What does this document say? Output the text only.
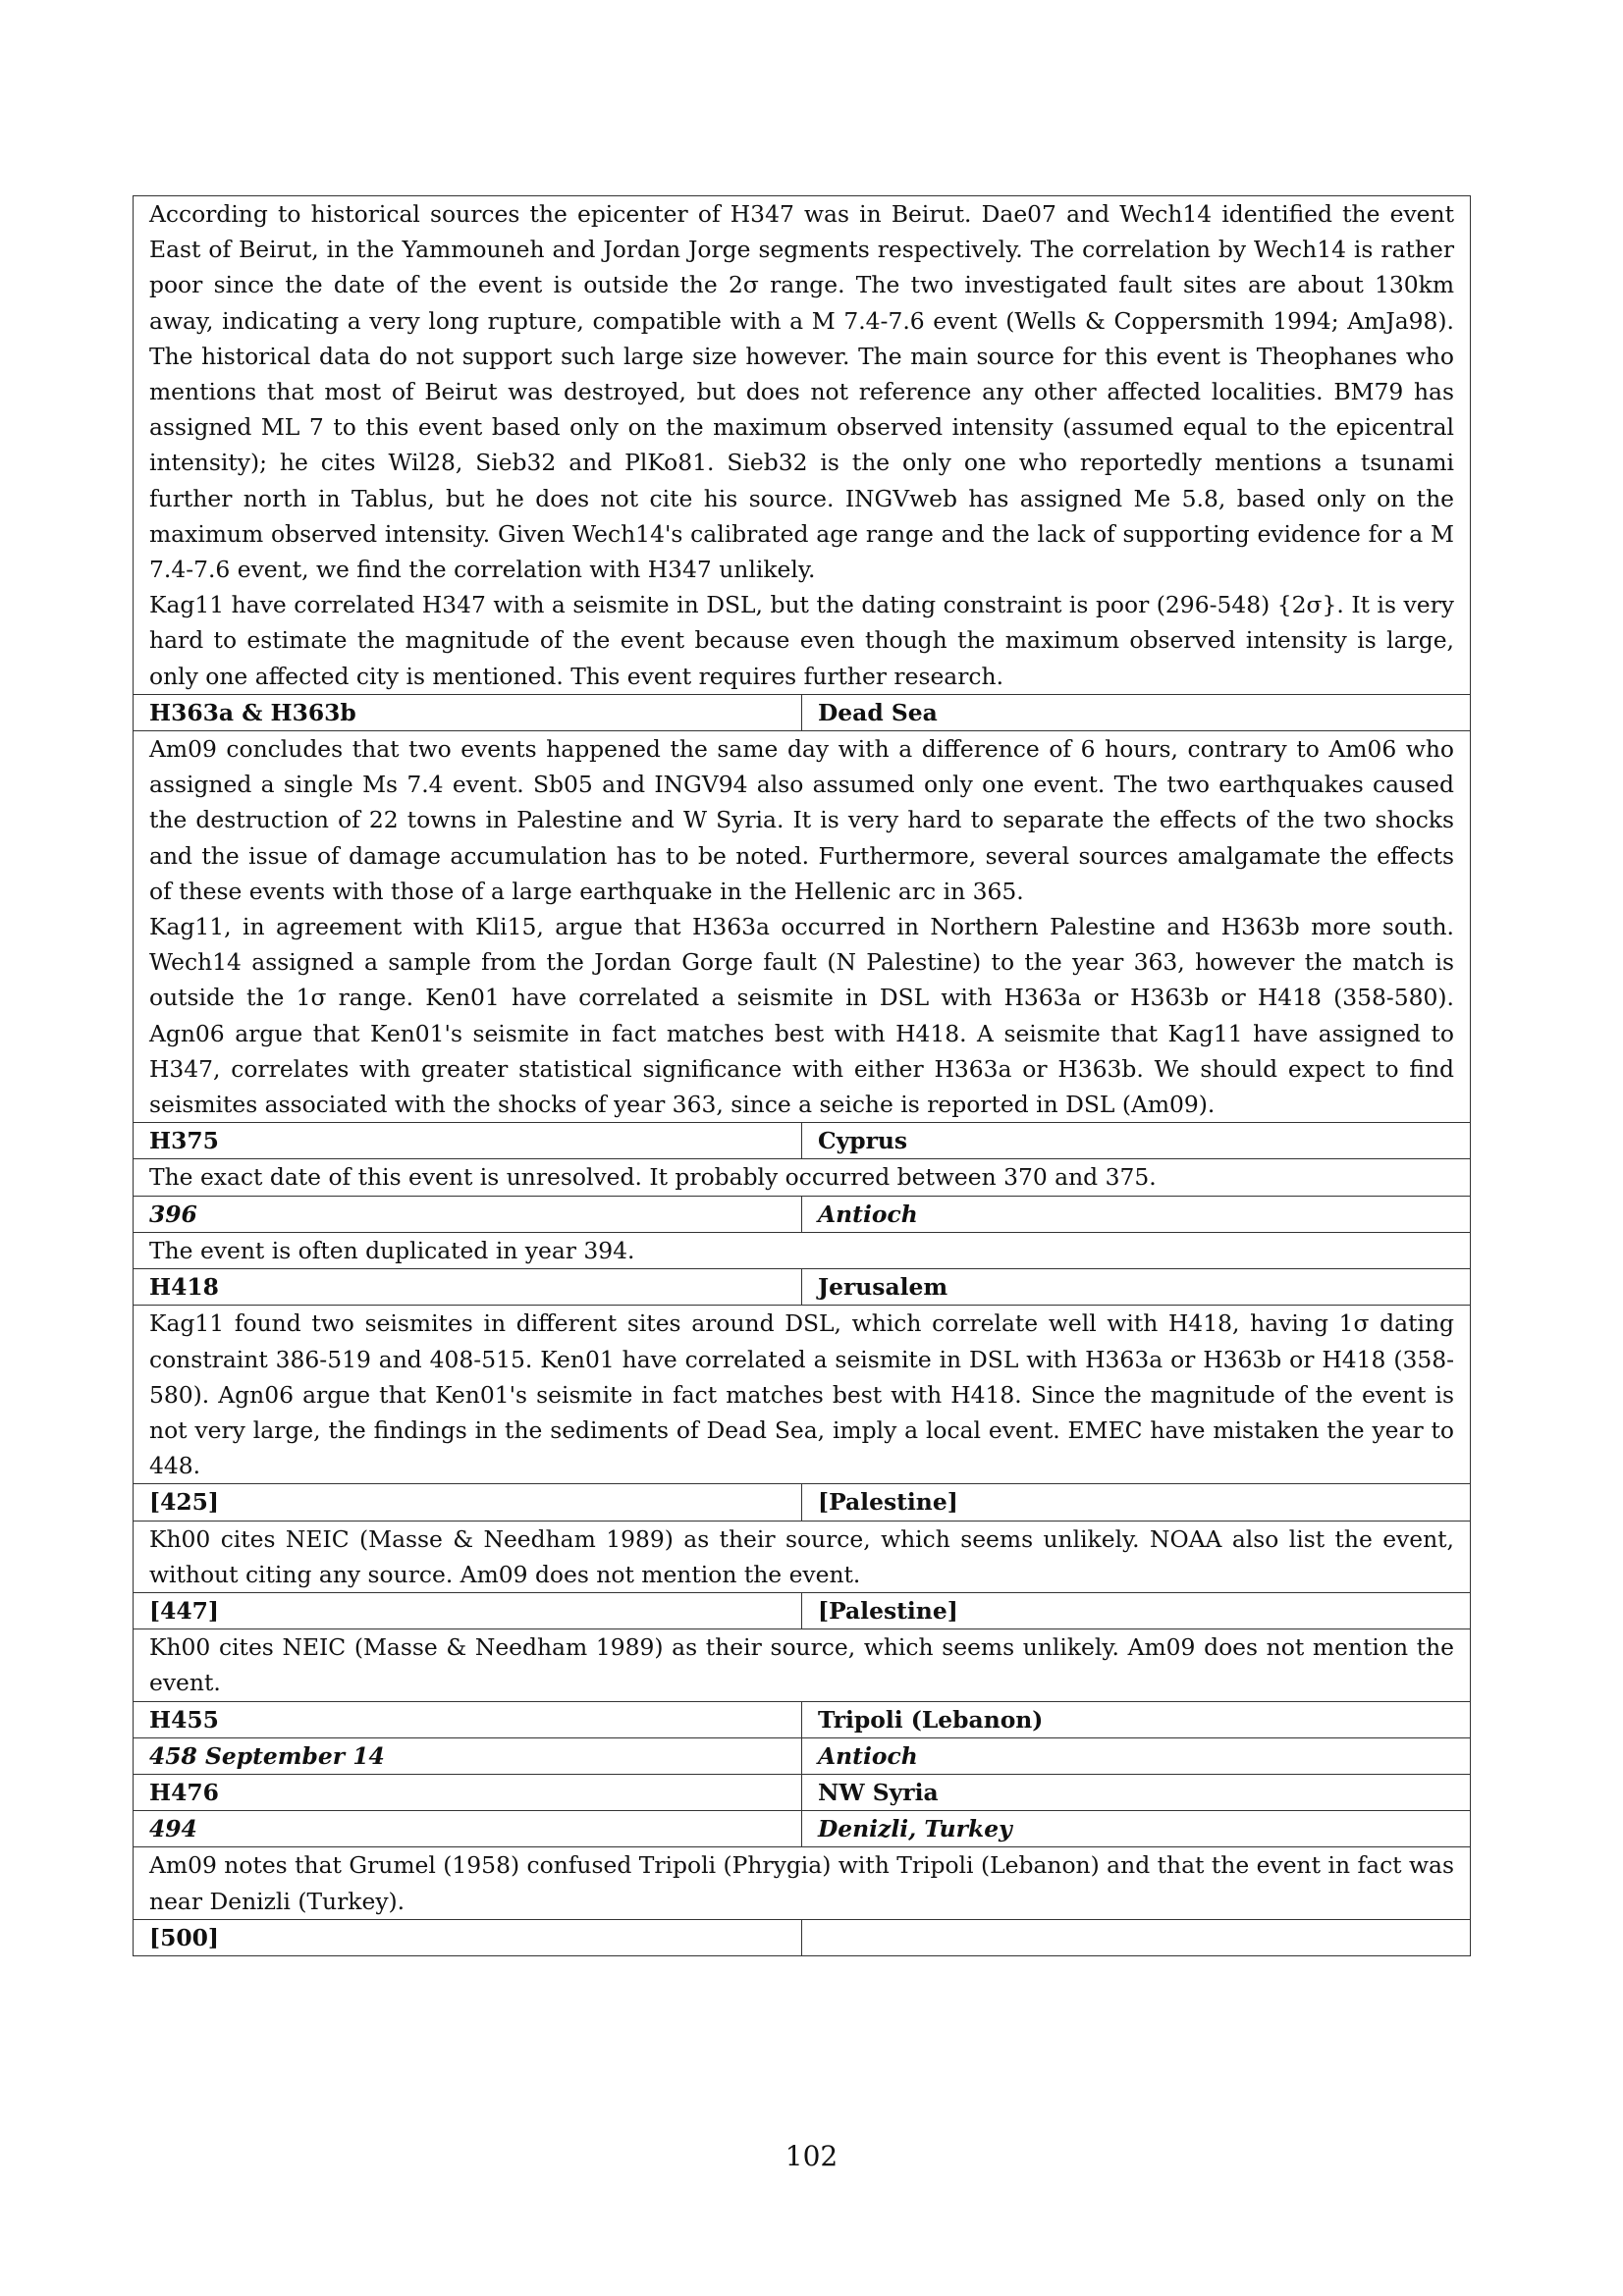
According to historical sources the epicenter of H347 was in Beirut. Dae07 and Wech14 identified the event East of Beirut, in the Yammouneh and Jordan Jorge segments respectively. The correlation by Wech14 is rather poor since the date of the event is outside the 2σ range. The two investigated fault sites are about 130km away, indicating a very long rupture, compatible with a M 7.4-7.6 event (Wells & Coppersmith 1994; AmJa98). The historical data do not support such large size however. The main source for this event is Theophanes who mentions that most of Beirut was destroyed, but does not reference any other affected localities. BM79 has assigned ML 7 to this event based only on the maximum observed intensity (assumed equal to the epicentral intensity); he cites Wil28, Sieb32 and PlKo81. Sieb32 is the only one who reportedly mentions a tsunami further north in Tablus, but he does not cite his source. INGVweb has assigned Me 5.8, based only on the maximum observed intensity. Given Wech14's calibrated age range and the lack of supporting evidence for a M 7.4-7.6 event, we find the correlation with H347 unlikely.
Kag11 have correlated H347 with a seismite in DSL, but the dating constraint is poor (296-548) {2σ}. It is very hard to estimate the magnitude of the event because even though the maximum observed intensity is large, only one affected city is mentioned. This event requires further research.	

H363a & H363b	Dead Sea

Am09 concludes that two events happened the same day with a difference of 6 hours, contrary to Am06 who assigned a single Ms 7.4 event. Sb05 and INGV94 also assumed only one event. The two earthquakes caused the destruction of 22 towns in Palestine and W Syria. It is very hard to separate the effects of the two shocks and the issue of damage accumulation has to be noted. Furthermore, several sources amalgamate the effects of these events with those of a large earthquake in the Hellenic arc in 365.
Kag11, in agreement with Kli15, argue that H363a occurred in Northern Palestine and H363b more south. Wech14 assigned a sample from the Jordan Gorge fault (N Palestine) to the year 363, however the match is outside the 1σ range. Ken01 have correlated a seismite in DSL with H363a or H363b or H418 (358-580). Agn06 argue that Ken01's seismite in fact matches best with H418. A seismite that Kag11 have assigned to H347, correlates with greater statistical significance with either H363a or H363b. We should expect to find seismites associated with the shocks of year 363, since a seiche is reported in DSL (Am09).	

H375	Cyprus

The exact date of this event is unresolved. It probably occurred between 370 and 375.	

396	Antioch

The event is often duplicated in year 394.	

H418	Jerusalem

Kag11 found two seismites in different sites around DSL, which correlate well with H418, having 1σ dating constraint 386-519 and 408-515. Ken01 have correlated a seismite in DSL with H363a or H363b or H418 (358-580). Agn06 argue that Ken01's seismite in fact matches best with H418. Since the magnitude of the event is not very large, the findings in the sediments of Dead Sea, imply a local event. EMEC have mistaken the year to 448.	

[425]	[Palestine]

Kh00 cites NEIC (Masse & Needham 1989) as their source, which seems unlikely. NOAA also list the event, without citing any source. Am09 does not mention the event.	

[447]	[Palestine]

Kh00 cites NEIC (Masse & Needham 1989) as their source, which seems unlikely. Am09 does not mention the event.	

H455	Tripoli (Lebanon)
458 September 14	Antioch
H476	NW Syria
494	Denizli, Turkey

Am09 notes that Grumel (1958) confused Tripoli (Phrygia) with Tripoli (Lebanon) and that the event in fact was near Denizli (Turkey).	

[500]	
102
